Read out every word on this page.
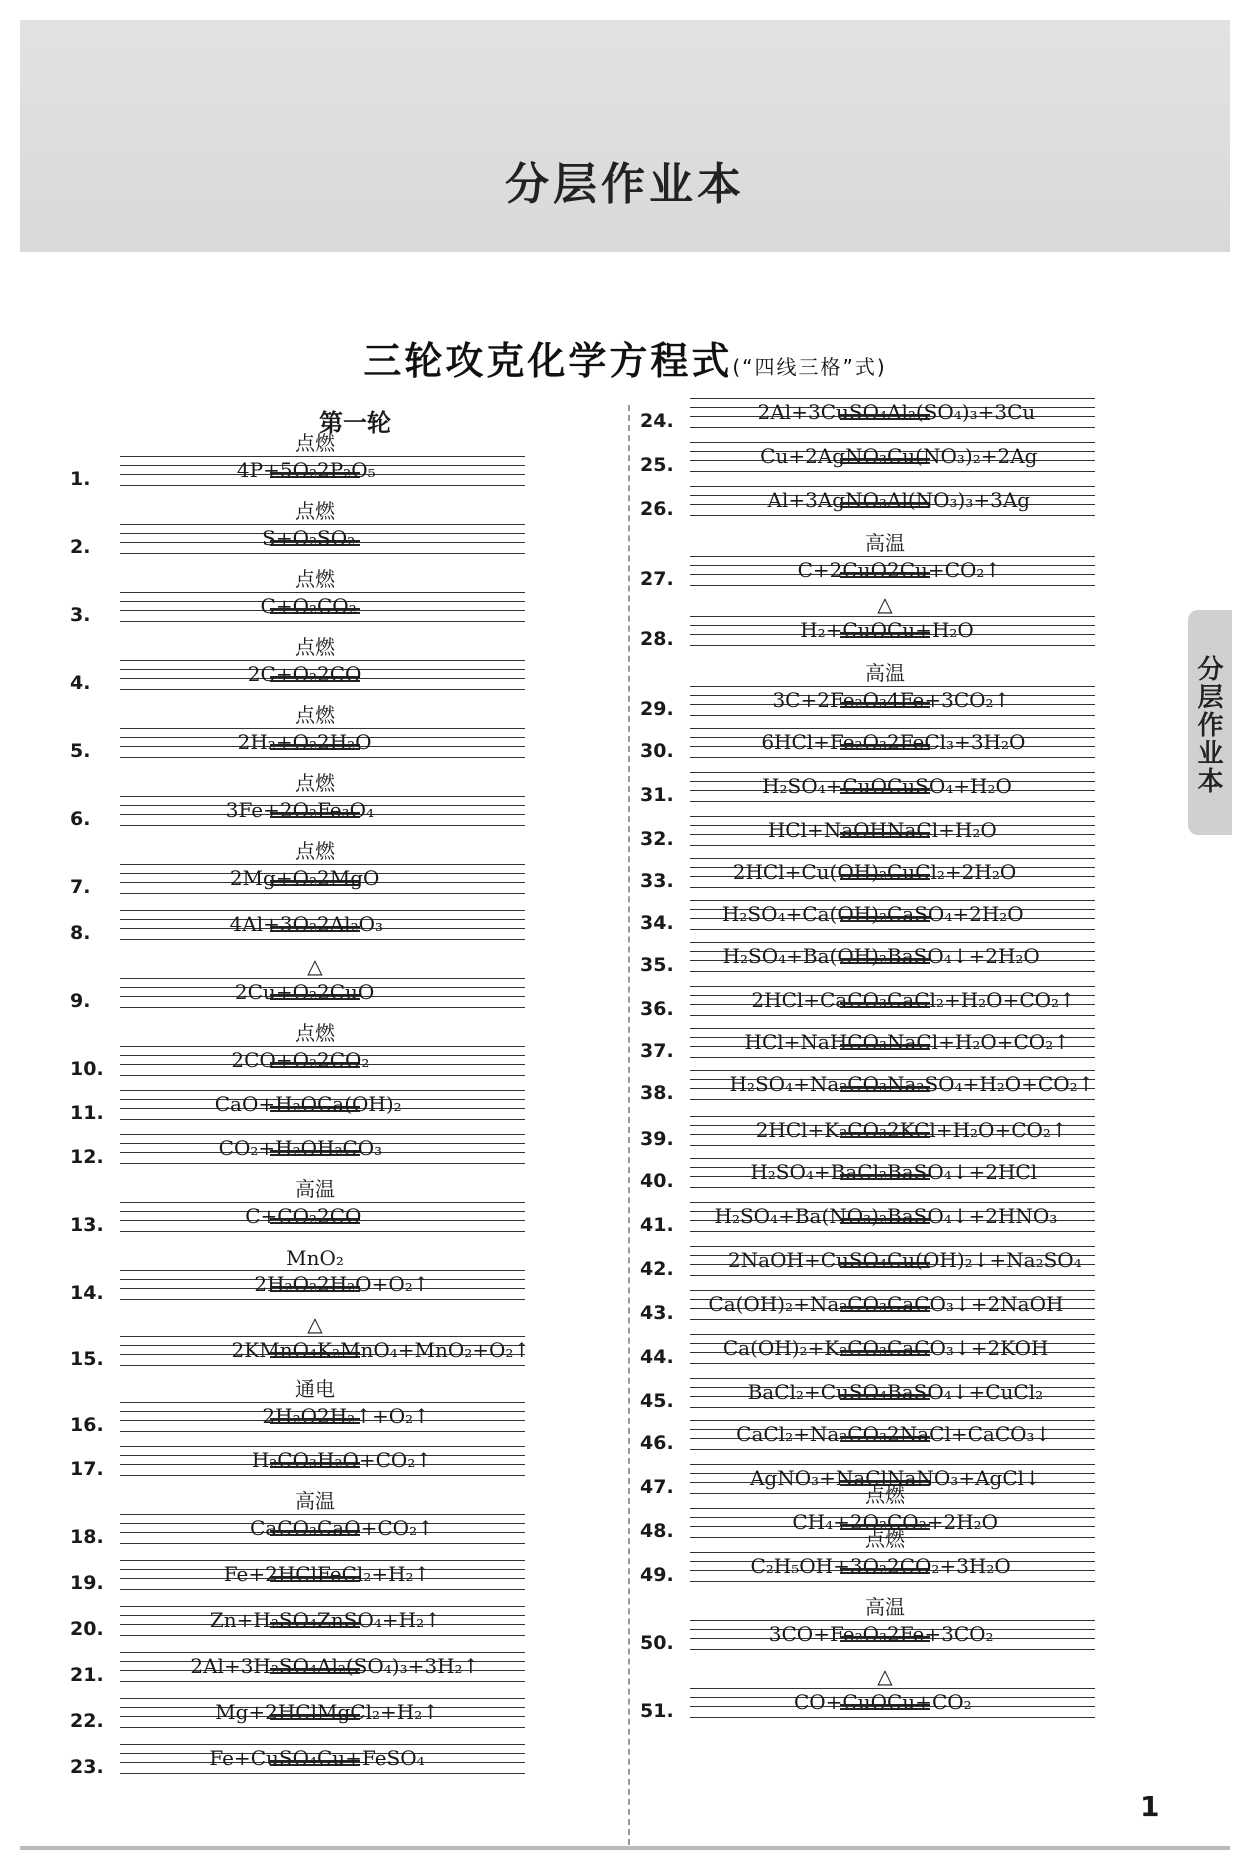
分层作业本
三轮攻克化学方程式(“四线三格”式)
第一轮
分层作业本
1.
点燃
4P+5O₂ 2P₂O₅
2.
点燃
S+O₂ SO₂
3.
点燃
C+O₂ CO₂
4.
点燃
2C+O₂ 2CO
5.
点燃
2H₂+O₂ 2H₂O
6.
点燃
3Fe+2O₂ Fe₃O₄
7.
点燃
2Mg+O₂ 2MgO
8.	4Al+3O₂ 2Al₂O₃
9.
△
2Cu+O₂ 2CuO
10.
点燃
2CO+O₂ 2CO₂
11.	CaO+H₂O Ca(OH)₂
12.	CO₂+H₂O H₂CO₃
13.
高温
C+CO₂ 2CO
14.
MnO₂
2H₂O₂ 2H₂O+O₂↑
15.
△
2KMnO₄ K₂MnO₄+MnO₂+O₂↑
16.
通电
2H₂O 2H₂↑+O₂↑
17.	H₂CO₃ H₂O+CO₂↑
18.
高温
CaCO₃ CaO+CO₂↑
19.	Fe+2HCl FeCl₂+H₂↑
20.	Zn+H₂SO₄ ZnSO₄+H₂↑
21.	2Al+3H₂SO₄ Al₂(SO₄)₃+3H₂↑
22.	Mg+2HCl MgCl₂+H₂↑
23.	Fe+CuSO₄ Cu+FeSO₄
24.	2Al+3CuSO₄ Al₂(SO₄)₃+3Cu
25.	Cu+2AgNO₃ Cu(NO₃)₂+2Ag
26.	Al+3AgNO₃ Al(NO₃)₃+3Ag
27.
高温
C+2CuO 2Cu+CO₂↑
28.
△
H₂+CuO Cu+H₂O
29.
高温
3C+2Fe₂O₃ 4Fe+3CO₂↑
30.	6HCl+Fe₂O₃ 2FeCl₃+3H₂O
31.	H₂SO₄+CuO CuSO₄+H₂O
32.	HCl+NaOH NaCl+H₂O
33.	2HCl+Cu(OH)₂ CuCl₂+2H₂O
34.	H₂SO₄+Ca(OH)₂ CaSO₄+2H₂O
35.	H₂SO₄+Ba(OH)₂ BaSO₄↓+2H₂O
36.	2HCl+CaCO₃ CaCl₂+H₂O+CO₂↑
37.	HCl+NaHCO₃ NaCl+H₂O+CO₂↑
38.	H₂SO₄+Na₂CO₃ Na₂SO₄+H₂O+CO₂↑
39.	2HCl+K₂CO₃ 2KCl+H₂O+CO₂↑
40.	H₂SO₄+BaCl₂ BaSO₄↓+2HCl
41.	H₂SO₄+Ba(NO₃)₂ BaSO₄↓+2HNO₃
42.	2NaOH+CuSO₄ Cu(OH)₂↓+Na₂SO₄
43.	Ca(OH)₂+Na₂CO₃ CaCO₃↓+2NaOH
44.	Ca(OH)₂+K₂CO₃ CaCO₃↓+2KOH
45.	BaCl₂+CuSO₄ BaSO₄↓+CuCl₂
46.	CaCl₂+Na₂CO₃ 2NaCl+CaCO₃↓
47.	AgNO₃+NaCl NaNO₃+AgCl↓
48.
点燃
CH₄+2O₂ CO₂+2H₂O
49.
点燃
C₂H₅OH+3O₂ 2CO₂+3H₂O
50.
高温
3CO+Fe₂O₃ 2Fe+3CO₂
51.
△
CO+CuO Cu+CO₂
1
